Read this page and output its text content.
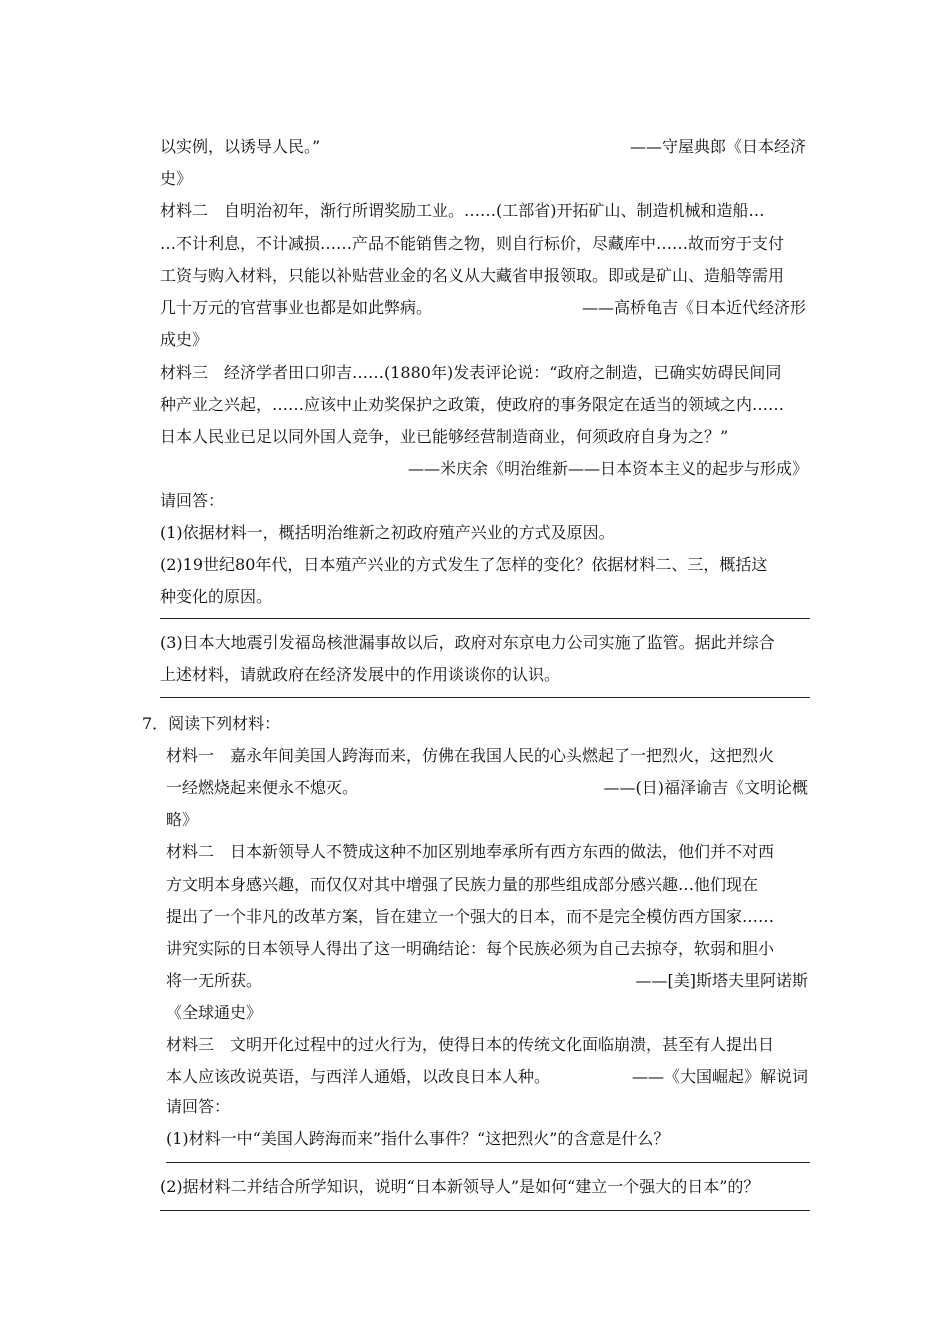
以实例，以诱导人民。”	——守屋典郎《日本经济
史》
材料二　自明治初年，渐行所谓奖励工业。……(工部省)开拓矿山、制造机械和造船…
…不计利息，不计减损……产品不能销售之物，则自行标价，尽藏库中……故而穷于支付
工资与购入材料，只能以补贴营业金的名义从大藏省申报领取。即或是矿山、造船等需用
几十万元的官营事业也都是如此弊病。	——高桥龟吉《日本近代经济形
成史》
材料三　经济学者田口卯吉……(1880年)发表评论说：“政府之制造，已确实妨碍民间同
种产业之兴起，……应该中止劝奖保护之政策，使政府的事务限定在适当的领域之内……
日本人民业已足以同外国人竞争，业已能够经营制造商业，何须政府自身为之？”
——米庆余《明治维新——日本资本主义的起步与形成》
请回答：
(1)依据材料一，概括明治维新之初政府殖产兴业的方式及原因。
(2)19世纪80年代，日本殖产兴业的方式发生了怎样的变化？依据材料二、三，概括这
种变化的原因。
(3)日本大地震引发福岛核泄漏事故以后，政府对东京电力公司实施了监管。据此并综合
上述材料，请就政府在经济发展中的作用谈谈你的认识。
7．阅读下列材料：
材料一　嘉永年间美国人跨海而来，仿佛在我国人民的心头燃起了一把烈火，这把烈火
一经燃烧起来便永不熄灭。	——(日)福泽谕吉《文明论概
略》
材料二　日本新领导人不赞成这种不加区别地奉承所有西方东西的做法，他们并不对西
方文明本身感兴趣，而仅仅对其中增强了民族力量的那些组成部分感兴趣…他们现在
提出了一个非凡的改革方案，旨在建立一个强大的日本，而不是完全模仿西方国家……
讲究实际的日本领导人得出了这一明确结论：每个民族必须为自己去掠夺，软弱和胆小
将一无所获。	——[美]斯塔夫里阿诺斯
《全球通史》
材料三　文明开化过程中的过火行为，使得日本的传统文化面临崩溃，甚至有人提出日
本人应该改说英语，与西洋人通婚，以改良日本人种。	——《大国崛起》解说词
请回答：
(1)材料一中“美国人跨海而来”指什么事件？“这把烈火”的含意是什么？
(2)据材料二并结合所学知识，说明“日本新领导人”是如何“建立一个强大的日本”的？
